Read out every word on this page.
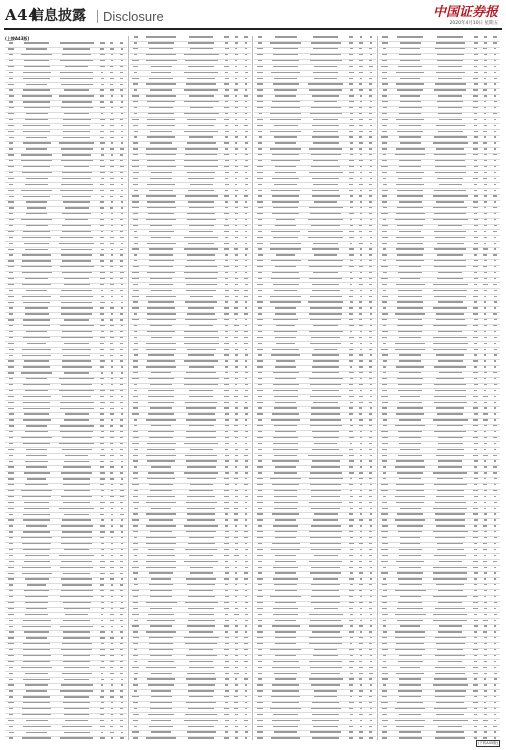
A44
信息披露 Disclosure	中国证券报
2020年4月10日 星期五
(上接A43版)
(下转A45版)
